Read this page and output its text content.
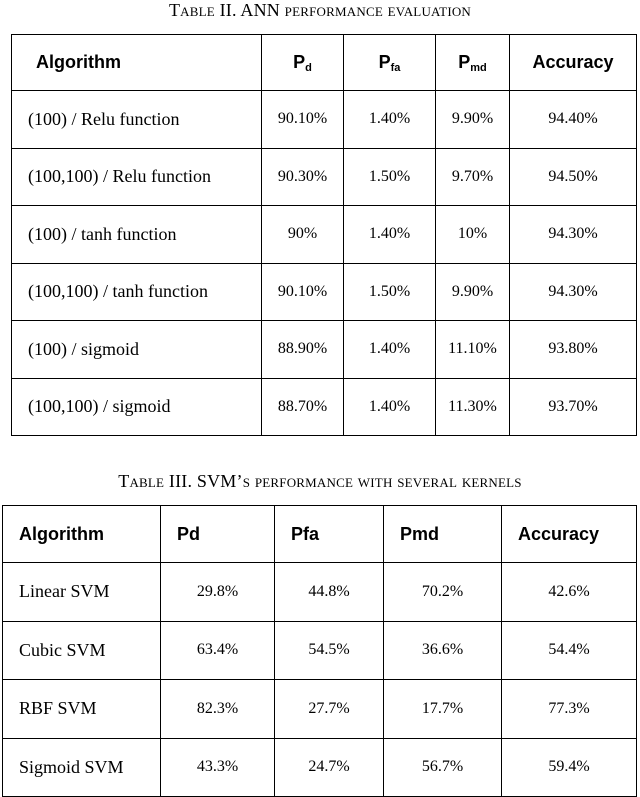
Table II. ANN performance evaluation
Algorithm	$P_d$	$P_{fa}$	$P_{md}$	Accuracy
(100) / Relu function	90.10%	1.40%	9.90%	94.40%
(100,100) / Relu function	90.30%	1.50%	9.70%	94.50%
(100) / tanh function	90%	1.40%	10%	94.30%
(100,100) / tanh function	90.10%	1.50%	9.90%	94.30%
(100) / sigmoid	88.90%	1.40%	11.10%	93.80%
(100,100) / sigmoid	88.70%	1.40%	11.30%	93.70%
Table III. SVM’s performance with several kernels
Algorithm	Pd	Pfa	Pmd	Accuracy
Linear SVM	29.8%	44.8%	70.2%	42.6%
Cubic SVM	63.4%	54.5%	36.6%	54.4%
RBF SVM	82.3%	27.7%	17.7%	77.3%
Sigmoid SVM	43.3%	24.7%	56.7%	59.4%
